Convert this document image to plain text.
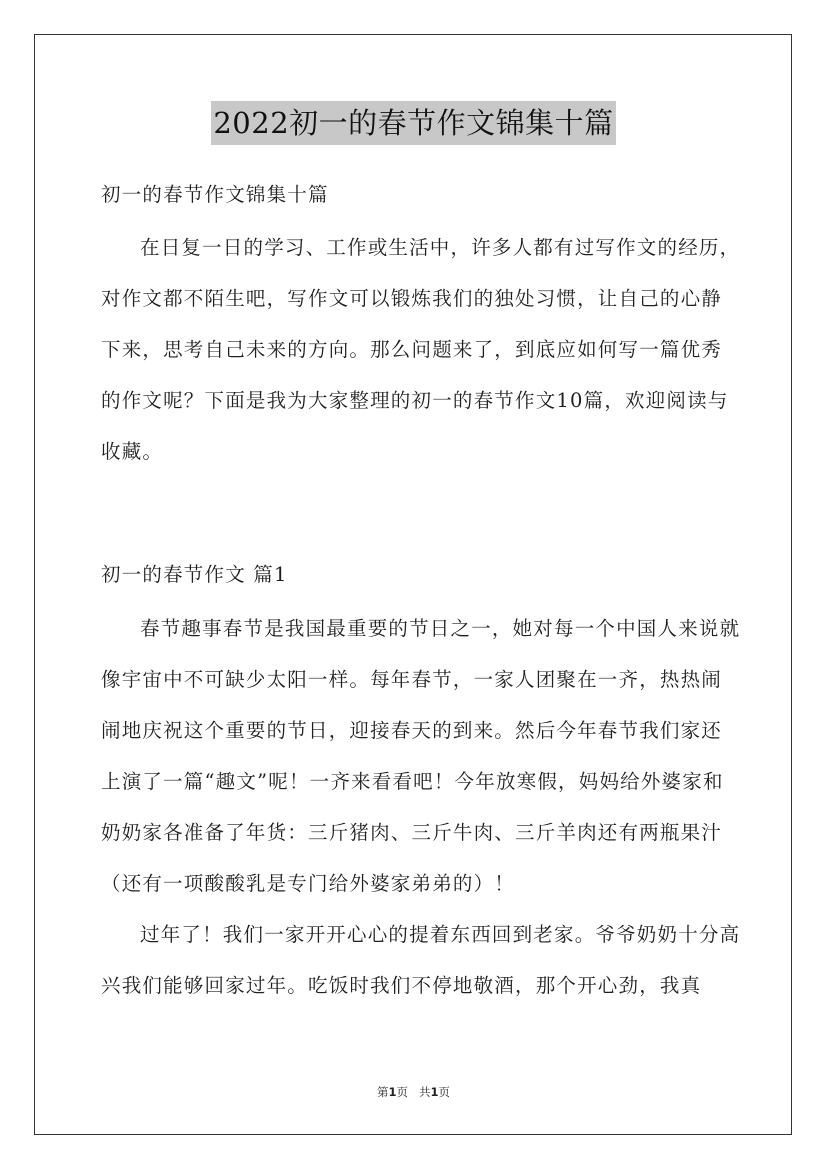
2022初一的春节作文锦集十篇
初一的春节作文锦集十篇

在日复一日的学习、工作或生活中，许多人都有过写作文的经历，对作文都不陌生吧，写作文可以锻炼我们的独处习惯，让自己的心静下来，思考自己未来的方向。那么问题来了，到底应如何写一篇优秀的作文呢？下面是我为大家整理的初一的春节作文10篇，欢迎阅读与收藏。

初一的春节作文 篇1

春节趣事春节是我国最重要的节日之一，她对每一个中国人来说就像宇宙中不可缺少太阳一样。每年春节，一家人团聚在一齐，热热闹闹地庆祝这个重要的节日，迎接春天的到来。然后今年春节我们家还上演了一篇“趣文”呢！一齐来看看吧！今年放寒假，妈妈给外婆家和奶奶家各准备了年货：三斤猪肉、三斤牛肉、三斤羊肉还有两瓶果汁（还有一项酸酸乳是专门给外婆家弟弟的）！

过年了！我们一家开开心心的提着东西回到老家。爷爷奶奶十分高兴我们能够回家过年。吃饭时我们不停地敬酒，那个开心劲，我真

第1页   共1页
